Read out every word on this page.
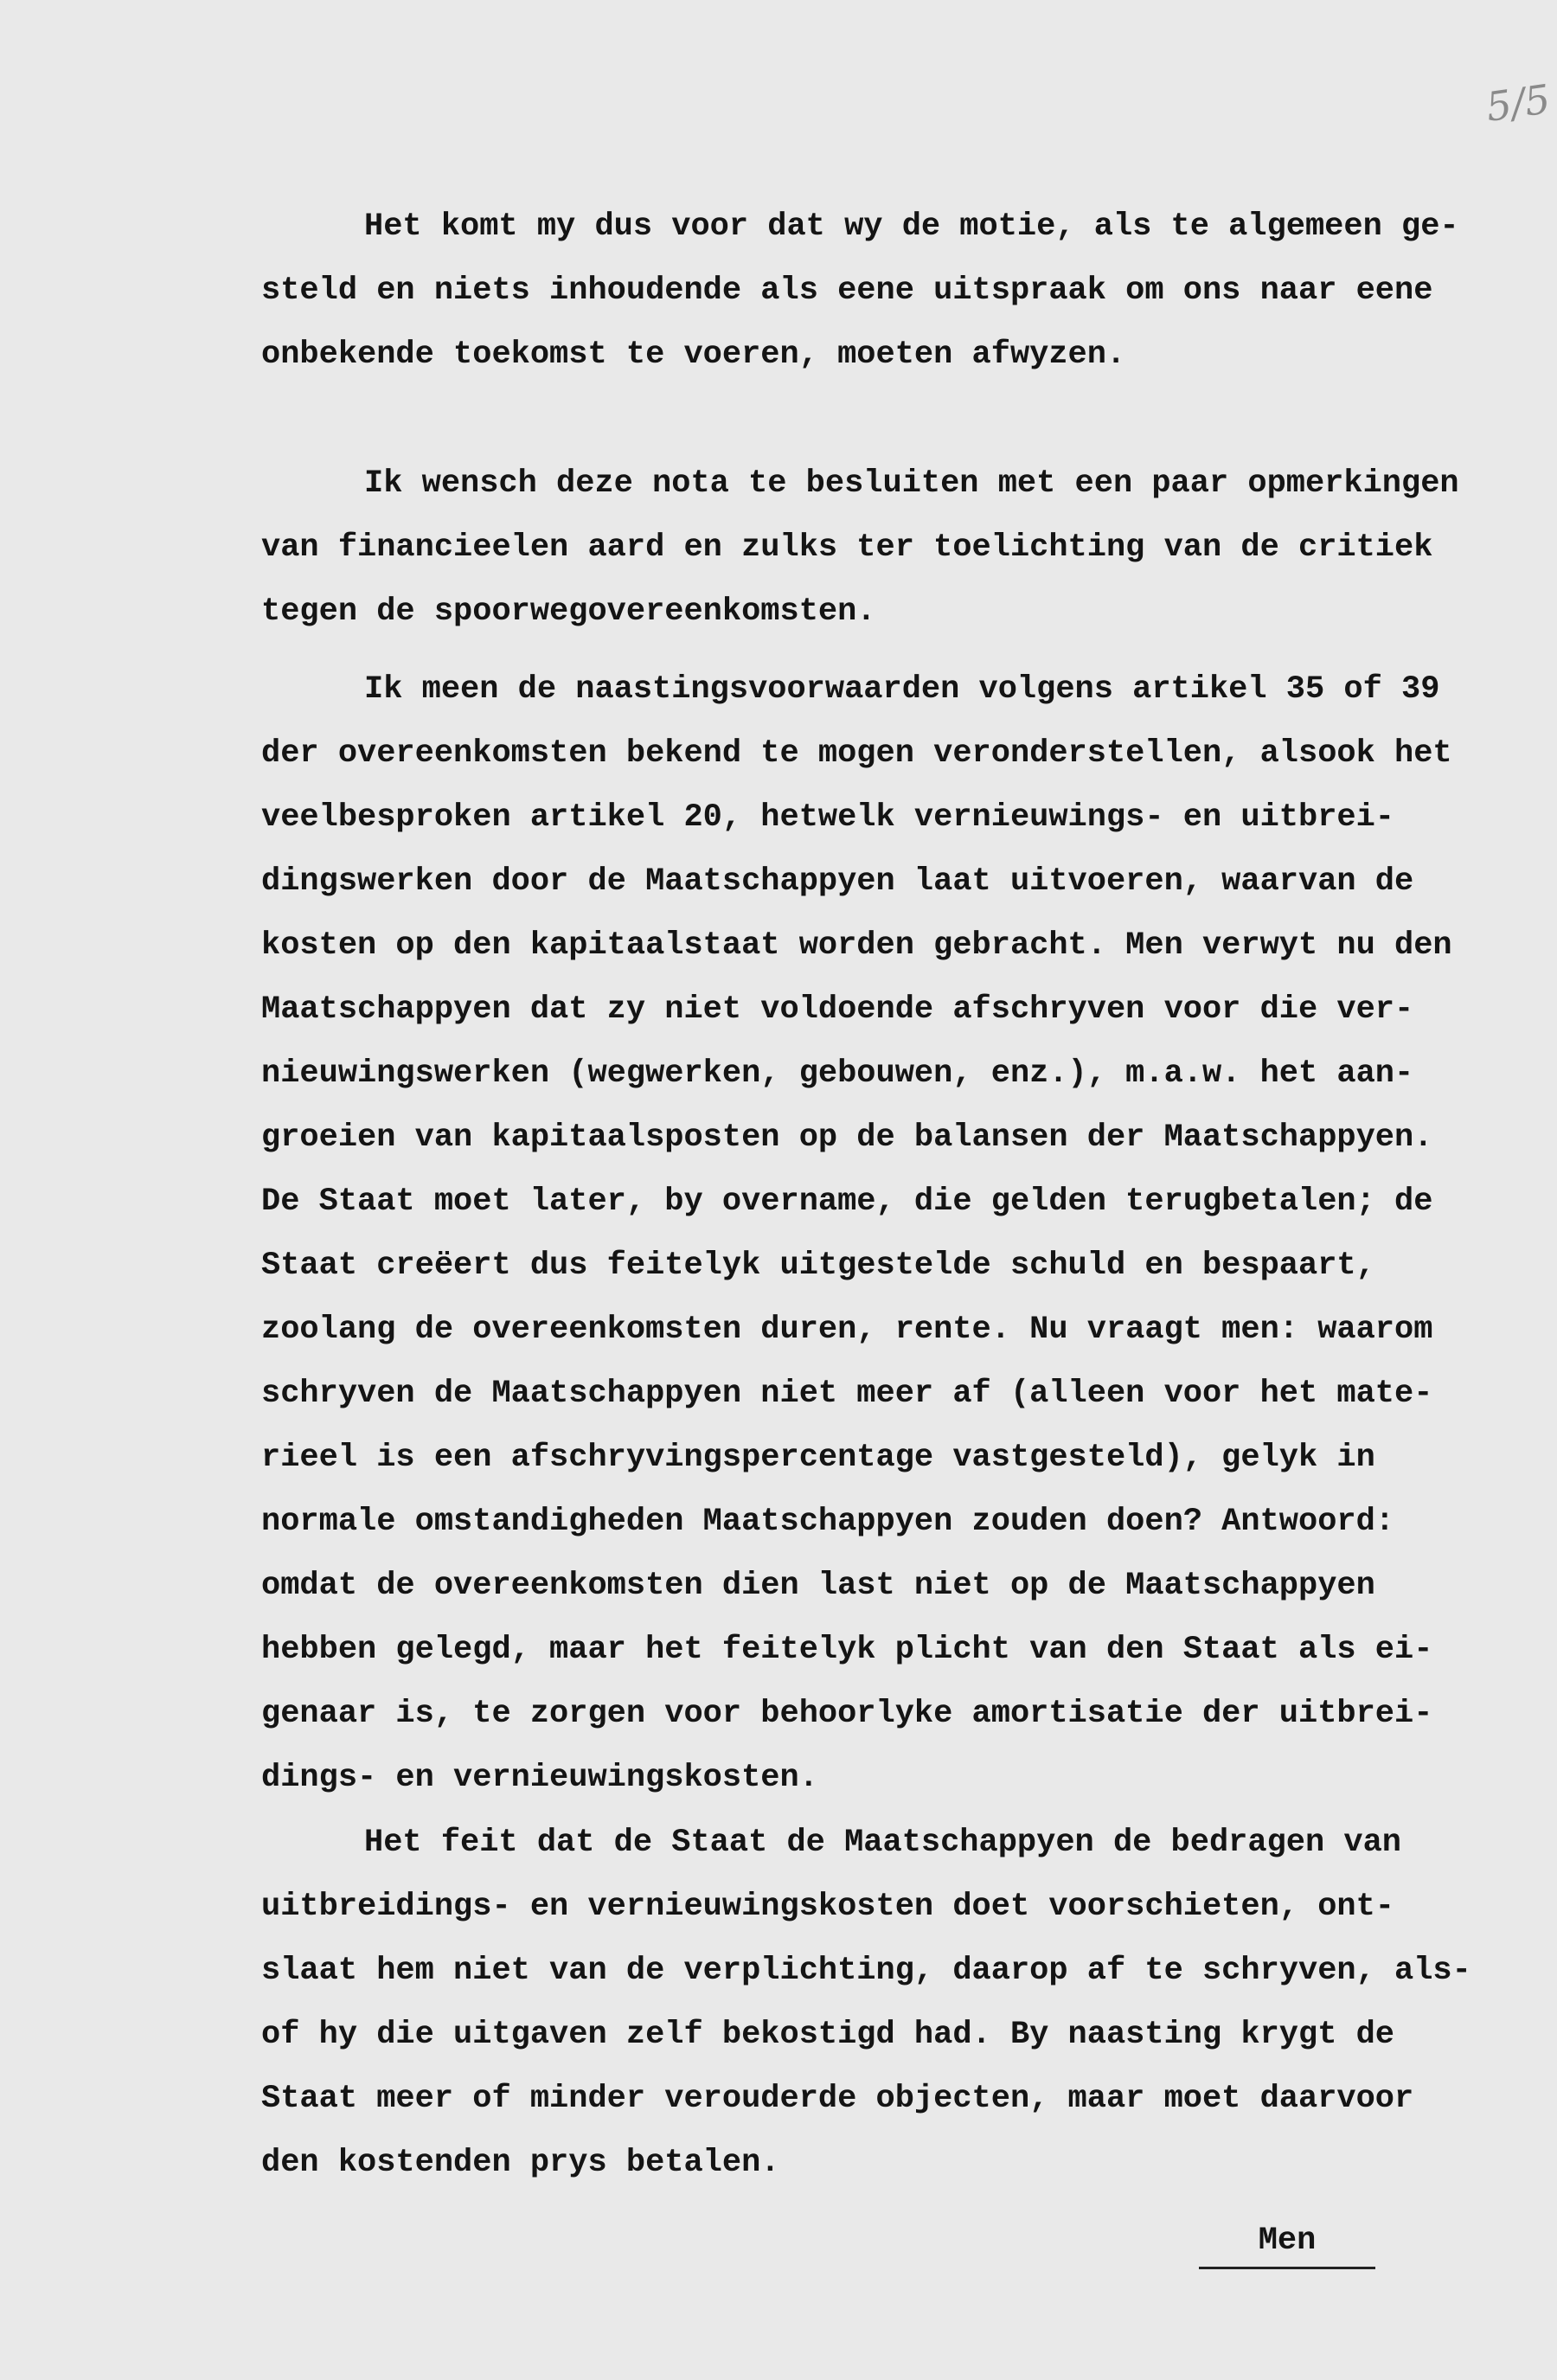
5/5
Het komt my dus voor dat wy de motie, als te algemeen ge-
steld en niets inhoudende als eene uitspraak om ons naar eene
onbekende toekomst te voeren, moeten afwyzen.
Ik wensch deze nota te besluiten met een paar opmerkingen
van financieelen aard en zulks ter toelichting van de critiek
tegen de spoorwegovereenkomsten.
Ik meen de naastingsvoorwaarden volgens artikel 35 of 39
der overeenkomsten bekend te mogen veronderstellen, alsook het
veelbesproken artikel 20, hetwelk vernieuwings- en uitbrei-
dingswerken door de Maatschappyen laat uitvoeren, waarvan de
kosten op den kapitaalstaat worden gebracht. Men verwyt nu den
Maatschappyen dat zy niet voldoende afschryven voor die ver-
nieuwingswerken (wegwerken, gebouwen, enz.), m.a.w. het aan-
groeien van kapitaalsposten op de balansen der Maatschappyen.
De Staat moet later, by overname, die gelden terugbetalen; de
Staat creëert dus feitelyk uitgestelde schuld en bespaart,
zoolang de overeenkomsten duren, rente. Nu vraagt men: waarom
schryven de Maatschappyen niet meer af (alleen voor het mate-
rieel is een afschryvingspercentage vastgesteld), gelyk in
normale omstandigheden Maatschappyen zouden doen? Antwoord:
omdat de overeenkomsten dien last niet op de Maatschappyen
hebben gelegd, maar het feitelyk plicht van den Staat als ei-
genaar is, te zorgen voor behoorlyke amortisatie der uitbrei-
dings- en vernieuwingskosten.
Het feit dat de Staat de Maatschappyen de bedragen van
uitbreidings- en vernieuwingskosten doet voorschieten, ont-
slaat hem niet van de verplichting, daarop af te schryven, als-
of hy die uitgaven zelf bekostigd had. By naasting krygt de
Staat meer of minder verouderde objecten, maar moet daarvoor
den kostenden prys betalen.
Men
